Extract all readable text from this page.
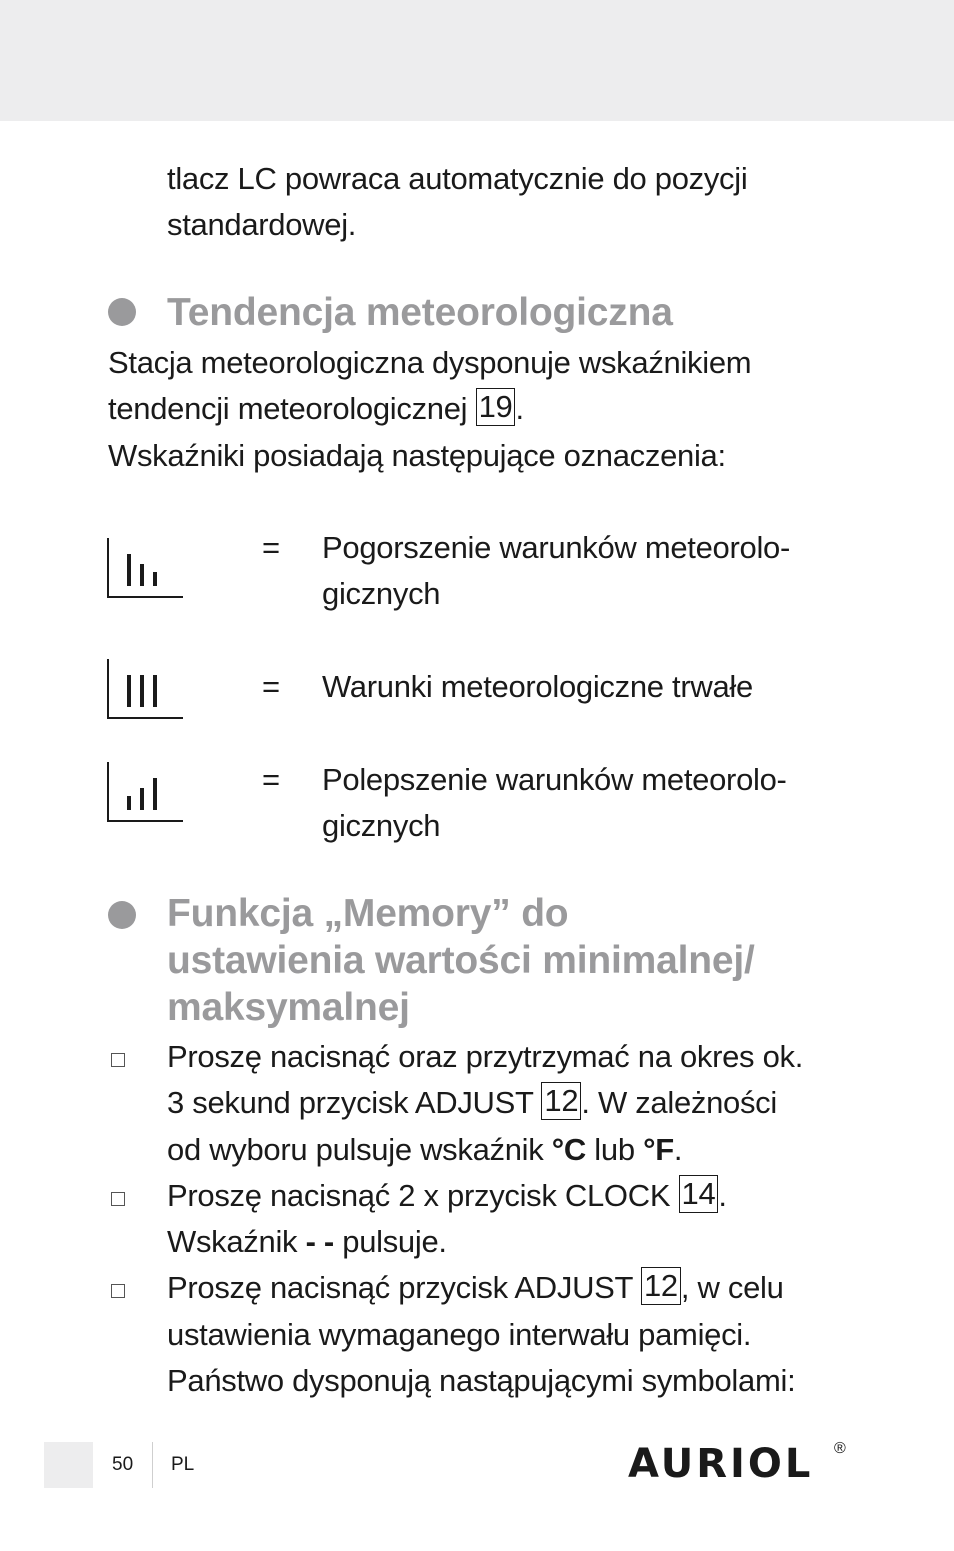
tlacz LC powraca automatycznie do pozycji
standardowej.
Tendencja meteorologiczna
Stacja meteorologiczna dysponuje wskaźnikiem
tendencji meteorologicznej 19.
Wskaźniki posiadają następujące oznaczenia:
= Pogorszenie warunków meteorolo-
gicznych
= Warunki meteorologiczne trwałe
= Polepszenie warunków meteorolo-
gicznych
Funkcja „Memory” do
ustawienia wartości minimalnej/
maksymalnej
Proszę nacisnąć oraz przytrzymać na okres ok.
3 sekund przycisk ADJUST 12. W zależności
od wyboru pulsuje wskaźnik °C lub °F.
Proszę nacisnąć 2 x przycisk CLOCK 14.
Wskaźnik - - pulsuje.
Proszę nacisnąć przycisk ADJUST 12, w celu
ustawienia wymaganego interwału pamięci.
Państwo dysponują nastąpującymi symbolami:
50 PL	AURIOL ®
